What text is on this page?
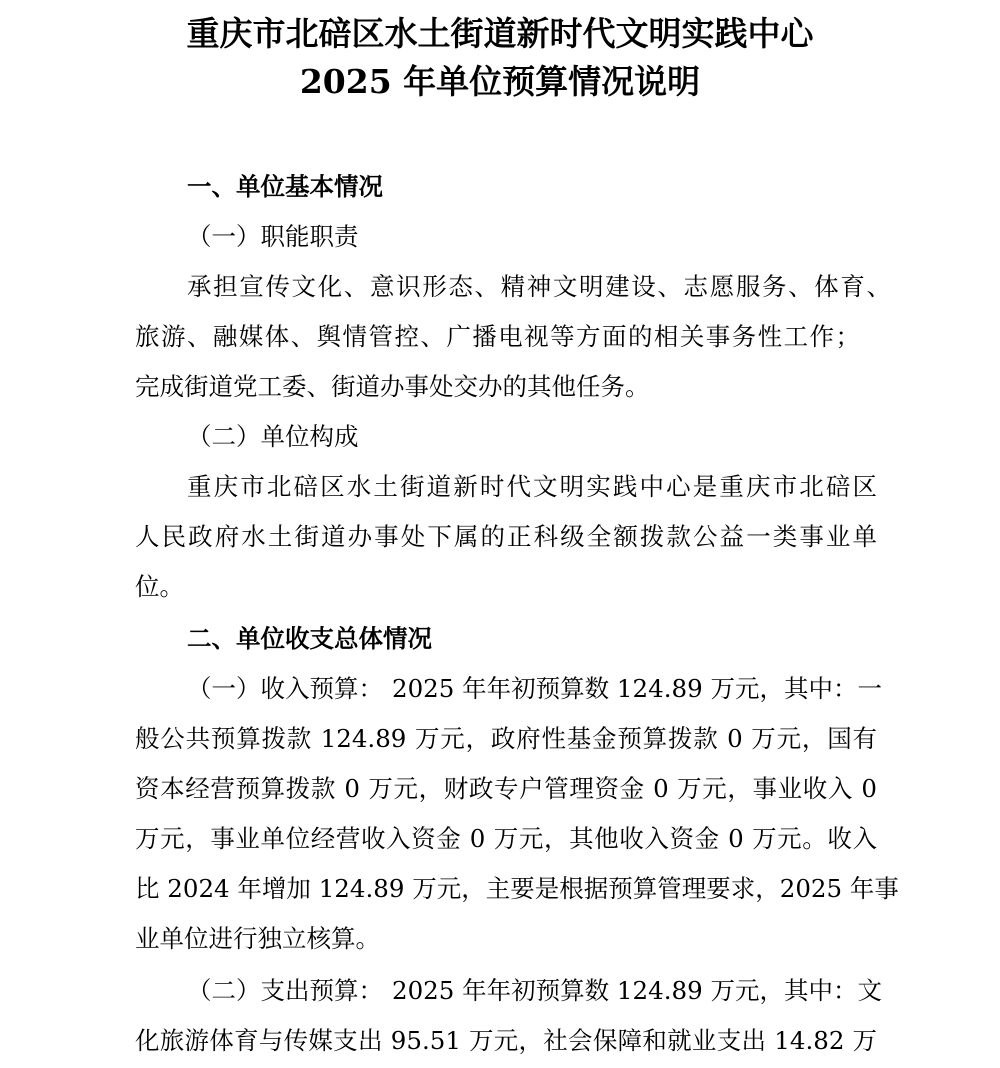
重庆市北碚区水土街道新时代文明实践中心
2025 年单位预算情况说明
一、单位基本情况
（一）职能职责
承担宣传文化、意识形态、精神文明建设、志愿服务、体育、
旅游、融媒体、舆情管控、广播电视等方面的相关事务性工作；
完成街道党工委、街道办事处交办的其他任务。
（二）单位构成
重庆市北碚区水土街道新时代文明实践中心是重庆市北碚区
人民政府水土街道办事处下属的正科级全额拨款公益一类事业单
位。
二、单位收支总体情况
（一）收入预算： 2025 年年初预算数 124.89 万元，其中：一
般公共预算拨款 124.89 万元，政府性基金预算拨款 0 万元，国有
资本经营预算拨款 0 万元，财政专户管理资金 0 万元，事业收入 0
万元，事业单位经营收入资金 0 万元，其他收入资金 0 万元。收入
比 2024 年增加 124.89 万元，主要是根据预算管理要求，2025 年事
业单位进行独立核算。
（二）支出预算： 2025 年年初预算数 124.89 万元，其中：文
化旅游体育与传媒支出 95.51 万元，社会保障和就业支出 14.82 万
